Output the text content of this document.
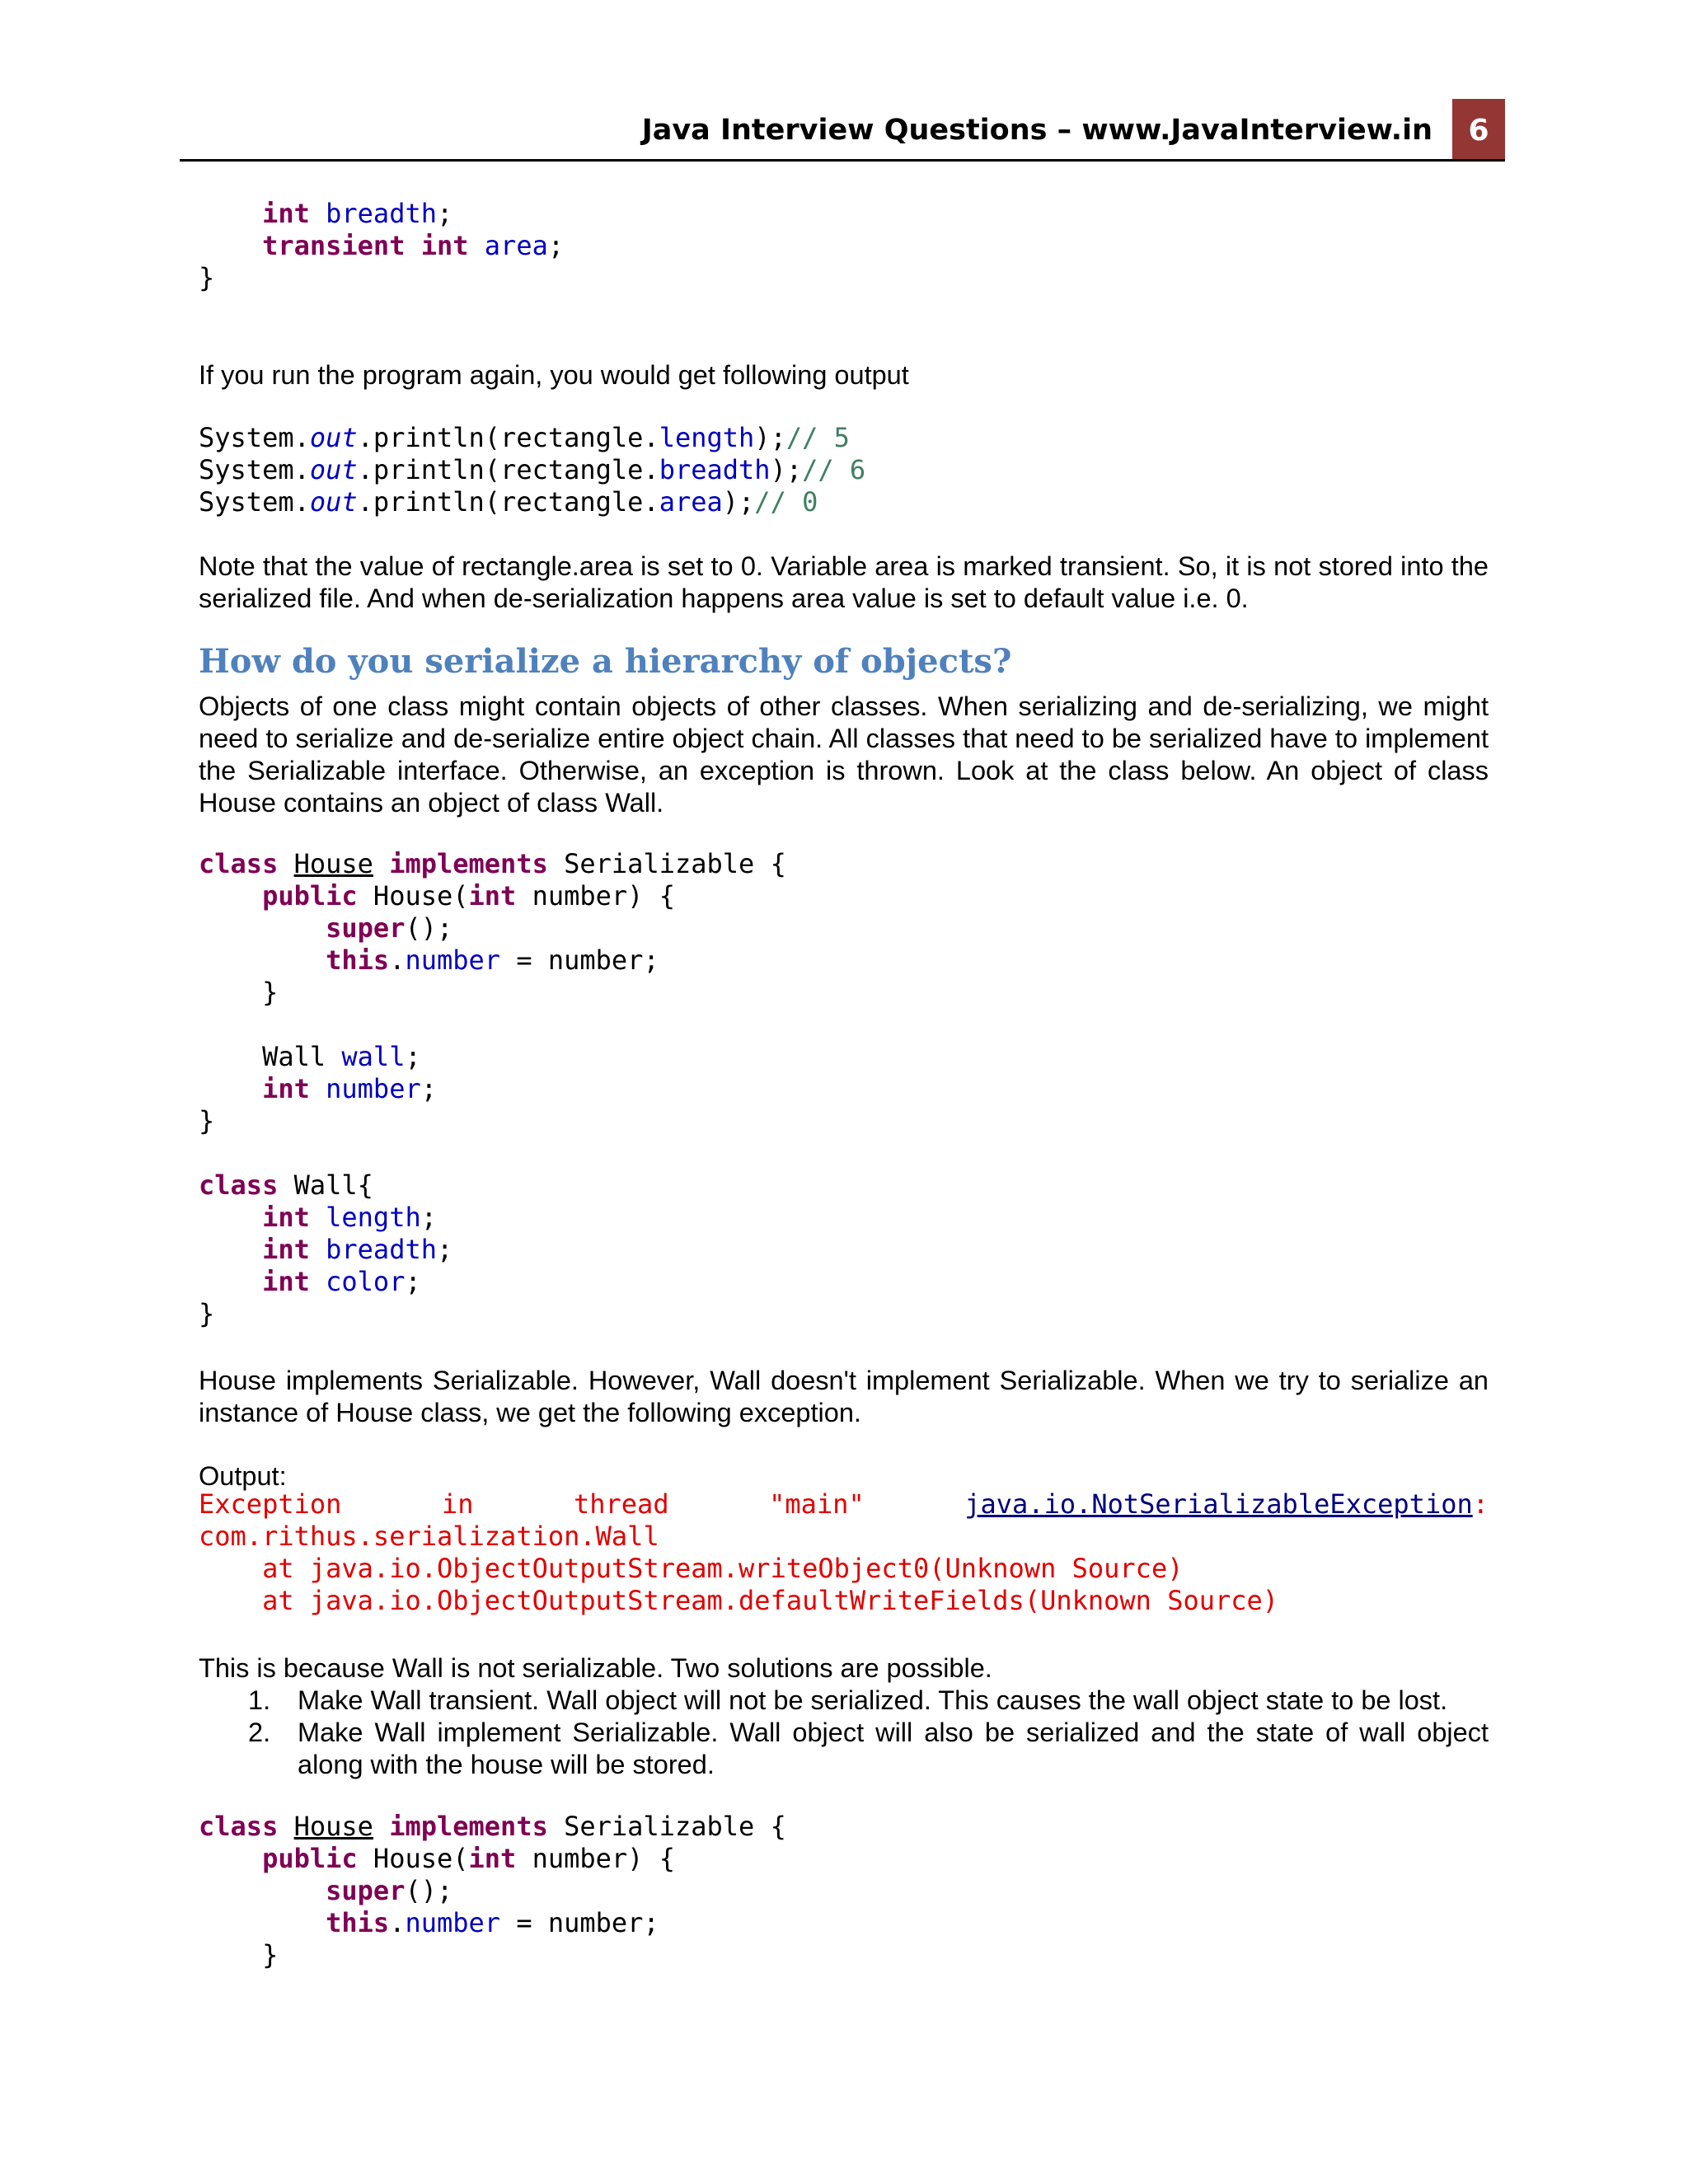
Java Interview Questions – www.JavaInterview.in	6
int breadth;
transient int area;
}

If you run the program again, you would get following output

System.out.println(rectangle.length);// 5
System.out.println(rectangle.breadth);// 6
System.out.println(rectangle.area);// 0

Note that the value of rectangle.area is set to 0. Variable area is marked transient. So, it is not stored into the serialized file. And when de-serialization happens area value is set to default value i.e. 0.

How do you serialize a hierarchy of objects?

Objects of one class might contain objects of other classes. When serializing and de-serializing, we might need to serialize and de-serialize entire object chain. All classes that need to be serialized have to implement the Serializable interface. Otherwise, an exception is thrown. Look at the class below. An object of class House contains an object of class Wall.

class House implements Serializable {
public House(int number) {
super();
this.number = number;
}

Wall wall;
int number;
}
class Wall{
int length;
int breadth;
int color;
}

House implements Serializable. However, Wall doesn't implement Serializable. When we try to serialize an instance of House class, we get the following exception.

Output:

Exception	in	thread	"main"	java.io.NotSerializableException:
com.rithus.serialization.Wall
at java.io.ObjectOutputStream.writeObject0(Unknown Source)
at java.io.ObjectOutputStream.defaultWriteFields(Unknown Source)

This is because Wall is not serializable. Two solutions are possible.

1. Make Wall transient. Wall object will not be serialized. This causes the wall object state to be lost.
2. Make Wall implement Serializable. Wall object will also be serialized and the state of wall object along with the house will be stored.
class House implements Serializable {
public House(int number) {
super();
this.number = number;
}
